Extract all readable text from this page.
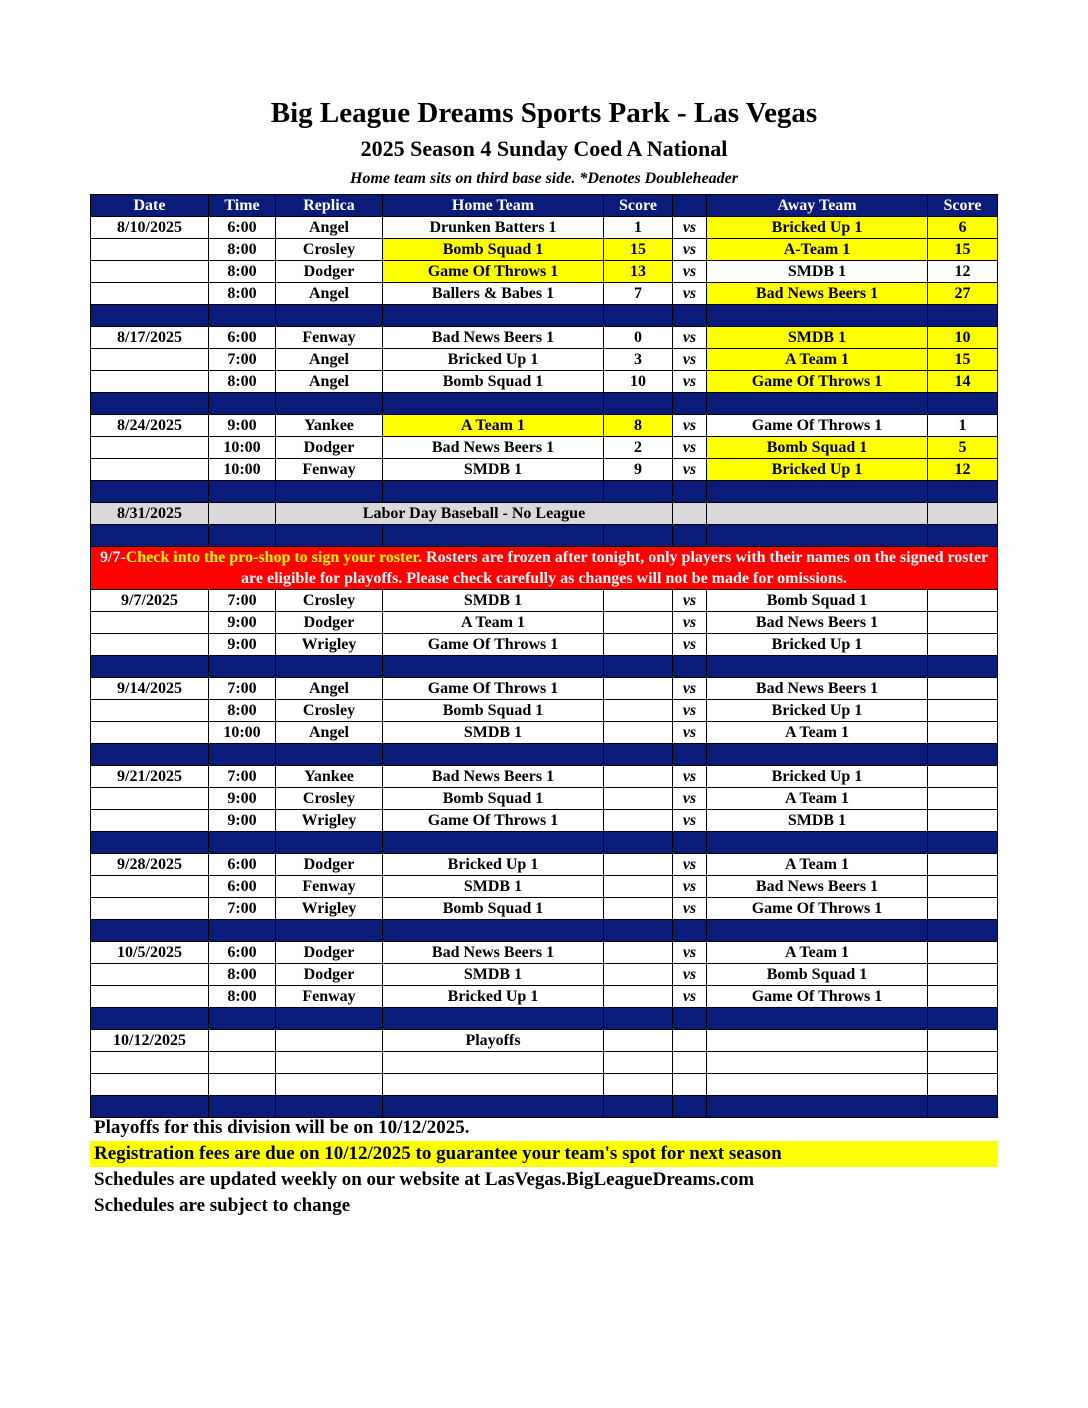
Big League Dreams Sports Park - Las Vegas
2025 Season 4 Sunday Coed A National
Home team sits on third base side. *Denotes Doubleheader
Date	Time	Replica	Home Team	Score		Away Team	Score
8/10/2025	6:00	Angel	Drunken Batters 1	1	vs	Bricked Up 1	6
	8:00	Crosley	Bomb Squad 1	15	vs	A-Team 1	15
	8:00	Dodger	Game Of Throws 1	13	vs	SMDB 1	12
	8:00	Angel	Ballers & Babes 1	7	vs	Bad News Beers 1	27

8/17/2025	6:00	Fenway	Bad News Beers 1	0	vs	SMDB 1	10
	7:00	Angel	Bricked Up 1	3	vs	A Team 1	15
	8:00	Angel	Bomb Squad 1	10	vs	Game Of Throws 1	14

8/24/2025	9:00	Yankee	A Team 1	8	vs	Game Of Throws 1	1
	10:00	Dodger	Bad News Beers 1	2	vs	Bomb Squad 1	5
	10:00	Fenway	SMDB 1	9	vs	Bricked Up 1	12

8/31/2025		Labor Day Baseball - No League					

9/7-Check into the pro-shop to sign your roster. Rosters are frozen after tonight, only players with their names on the signed roster are eligible for playoffs. Please check carefully as changes will not be made for omissions.							
9/7/2025	7:00	Crosley	SMDB 1		vs	Bomb Squad 1	
	9:00	Dodger	A Team 1		vs	Bad News Beers 1	
	9:00	Wrigley	Game Of Throws 1		vs	Bricked Up 1	

9/14/2025	7:00	Angel	Game Of Throws 1		vs	Bad News Beers 1	
	8:00	Crosley	Bomb Squad 1		vs	Bricked Up 1	
	10:00	Angel	SMDB 1		vs	A Team 1	

9/21/2025	7:00	Yankee	Bad News Beers 1		vs	Bricked Up 1	
	9:00	Crosley	Bomb Squad 1		vs	A Team 1	
	9:00	Wrigley	Game Of Throws 1		vs	SMDB 1	

9/28/2025	6:00	Dodger	Bricked Up 1		vs	A Team 1	
	6:00	Fenway	SMDB 1		vs	Bad News Beers 1	
	7:00	Wrigley	Bomb Squad 1		vs	Game Of Throws 1	

10/5/2025	6:00	Dodger	Bad News Beers 1		vs	A Team 1	
	8:00	Dodger	SMDB 1		vs	Bomb Squad 1	
	8:00	Fenway	Bricked Up 1		vs	Game Of Throws 1	

10/12/2025			Playoffs				

Playoffs for this division will be on 10/12/2025.
Registration fees are due on 10/12/2025 to guarantee your team's spot for next season
Schedules are updated weekly on our website at LasVegas.BigLeagueDreams.com
Schedules are subject to change
